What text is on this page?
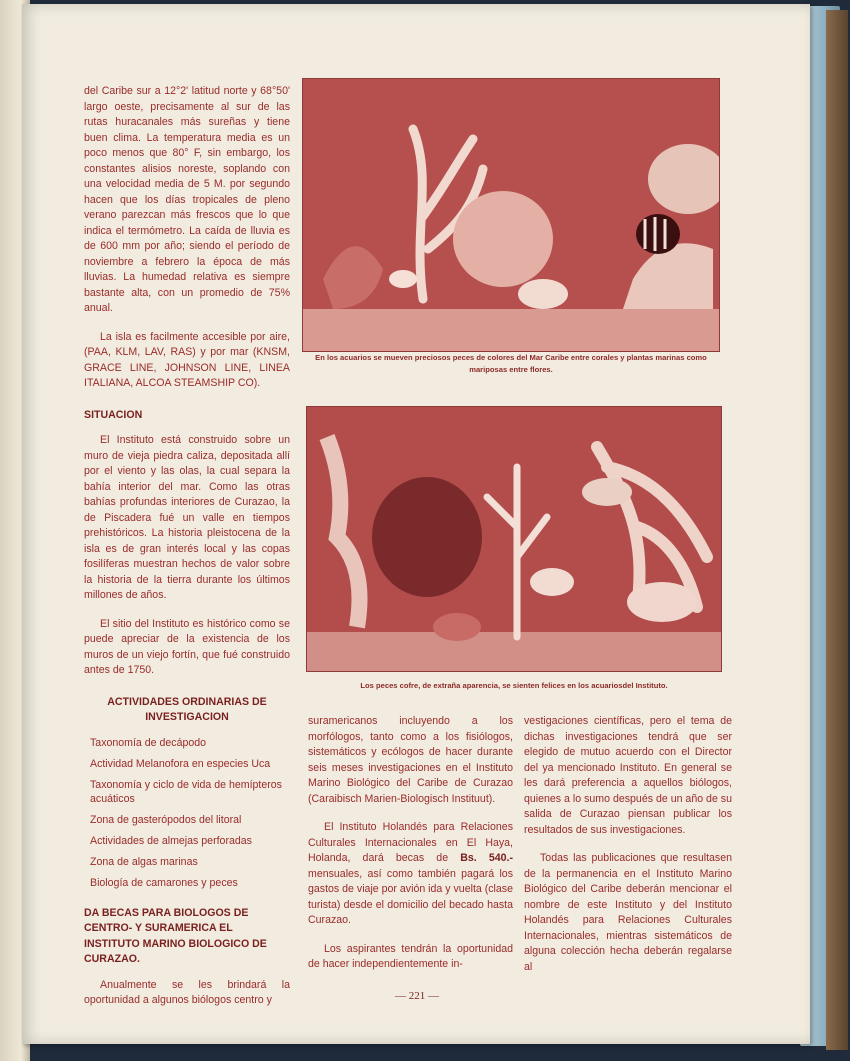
del Caribe sur a 12°2' latitud norte y 68°50' largo oeste, precisamente al sur de las rutas huracanales más sureñas y tiene buen clima. La temperatura media es un poco menos que 80° F, sin embargo, los constantes alisios noreste, soplando con una velocidad media de 5 M. por segundo hacen que los días tropicales de pleno verano parezcan más frescos que lo que indica el termómetro. La caída de lluvia es de 600 mm por año; siendo el período de noviembre a febrero la época de más lluvias. La humedad relativa es siempre bastante alta, con un promedio de 75% anual.

La isla es facilmente accesible por aire, (PAA, KLM, LAV, RAS) y por mar (KNSM, GRACE LINE, JOHNSON LINE, LINEA ITALIANA, ALCOA STEAMSHIP CO).

SITUACION

El Instituto está construido sobre un muro de vieja piedra caliza, depositada allí por el viento y las olas, la cual separa la bahía interior del mar. Como las otras bahías profundas interiores de Curazao, la de Piscadera fué un valle en tiempos prehistóricos. La historia pleistocena de la isla es de gran interés local y las copas fosilíferas muestran hechos de valor sobre la historia de la tierra durante los últimos millones de años.

El sitio del Instituto es histórico como se puede apreciar de la existencia de los muros de un viejo fortín, que fué construido antes de 1750.

ACTIVIDADES ORDINARIAS DE INVESTIGACION
Taxonomía de decápodo
Actividad Melanofora en especies Uca
Taxonomía y ciclo de vida de hemípteros acuáticos
Zona de gasterópodos del litoral
Actividades de almejas perforadas
Zona de algas marinas
Biología de camarones y peces
DA BECAS PARA BIOLOGOS DE CENTRO- Y SURAMERICA EL INSTITUTO MARINO BIOLOGICO DE CURAZAO.

Anualmente se les brindará la oportunidad a algunos biólogos centro y

En los acuarios se mueven preciosos peces de colores del Mar Caribe entre corales y plantas marinas como mariposas entre flores.
Los peces cofre, de extraña aparencia, se sienten felices en los acuariosdel Instituto.

suramericanos incluyendo a los morfólogos, tanto como a los fisiólogos, sistemáticos y ecólogos de hacer durante seis meses investigaciones en el Instituto Marino Biológico del Caribe de Curazao (Caraibisch Marien-Biologisch Instituut).

El Instituto Holandés para Relaciones Culturales Internacionales en El Haya, Holanda, dará becas de Bs. 540.- mensuales, así como también pagará los gastos de viaje por avión ida y vuelta (clase turista) desde el domicilio del becado hasta Curazao.

Los aspirantes tendrán la oportunidad de hacer independientemente in-

vestigaciones científicas, pero el tema de dichas investigaciones tendrá que ser elegido de mutuo acuerdo con el Director del ya mencionado Instituto. En general se les dará preferencia a aquellos biólogos, quienes a lo sumo después de un año de su salida de Curazao piensan publicar los resultados de sus investigaciones.

Todas las publicaciones que resultasen de la permanencia en el Instituto Marino Biológico del Caribe deberán mencionar el nombre de este Instituto y del Instituto Holandés para Relaciones Culturales Internacionales, mientras sistemáticos de alguna colección hecha deberán regalarse al

— 221 —
